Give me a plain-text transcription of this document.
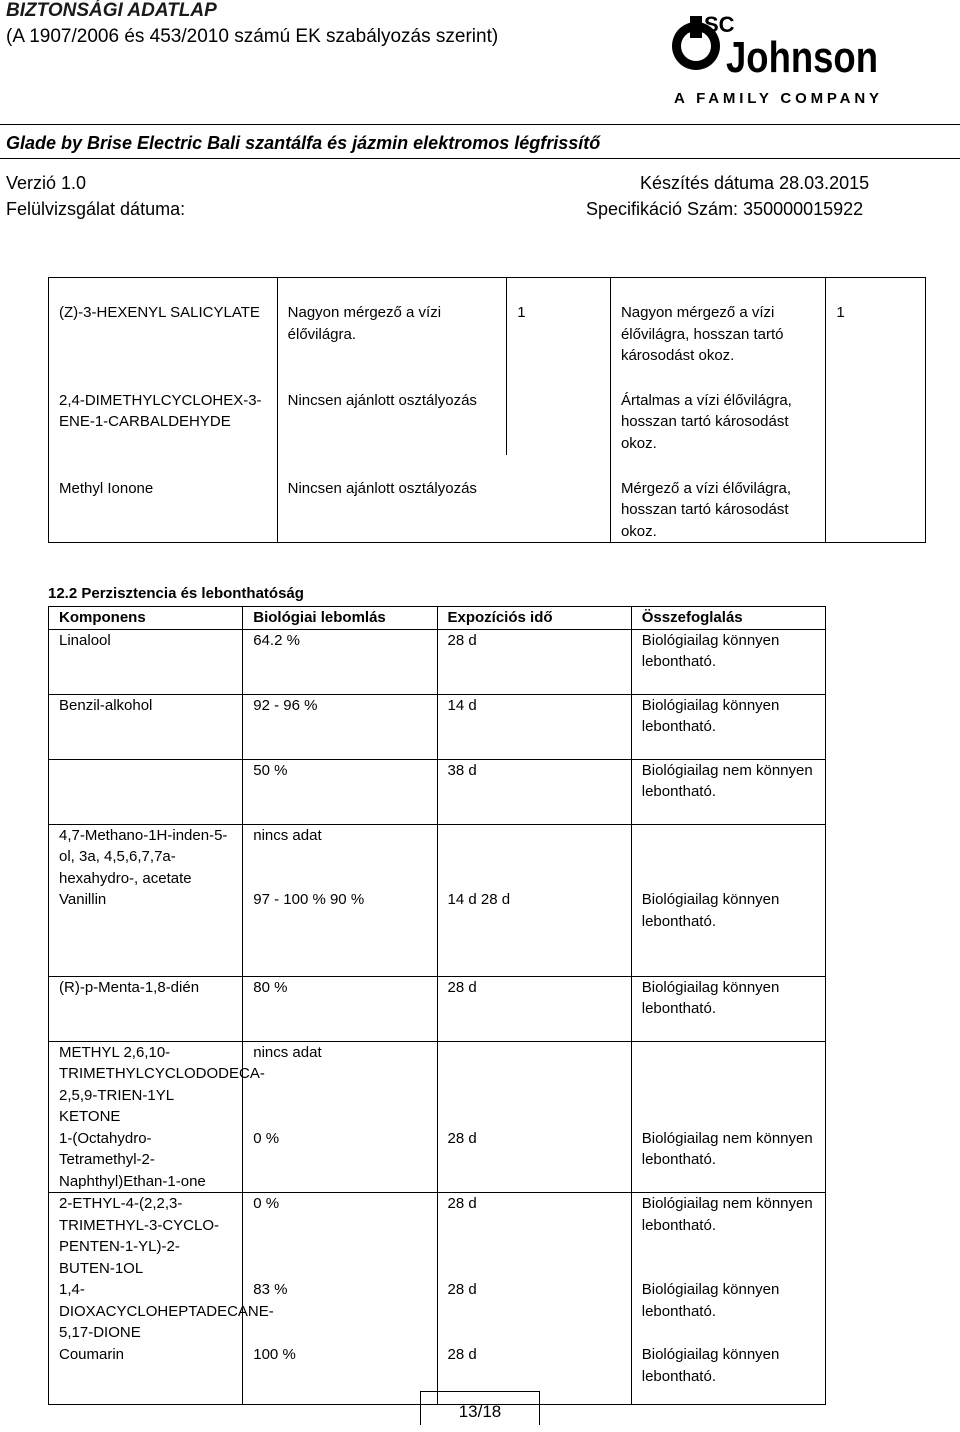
BIZTONSÁGI ADATLAP
(A 1907/2006 és 453/2010 számú EK szabályozás szerint)	SC
Johnson
A FAMILY COMPANY
Glade by Brise Electric Bali szantálfa és jázmin elektromos légfrissítő
Verzió 1.0	Készítés dátuma 28.03.2015
Felülvizsgálat dátuma:	Specifikáció Szám: 350000015922
(Z)-3-HEXENYL SALICYLATE	Nagyon mérgező a vízi élővilágra.	1	Nagyon mérgező a vízi élővilágra, hosszan tartó károsodást okoz.	1
2,4-DIMETHYLCYCLOHEX-3-ENE-1-CARBALDEHYDE	Nincsen ajánlott osztályozás		Ártalmas a vízi élővilágra, hosszan tartó károsodást okoz.	
Methyl Ionone	Nincsen ajánlott osztályozás		Mérgező a vízi élővilágra, hosszan tartó károsodást okoz.	
12.2 Perzisztencia és lebonthatóság
Komponens	Biológiai lebomlás	Expozíciós idő	Összefoglalás
Linalool	64.2 %	28 d	Biológiailag könnyen lebontható.
Benzil-alkohol	92 - 96 %	14 d	Biológiailag könnyen lebontható.
	50 %	38 d	Biológiailag nem könnyen lebontható.
4,7-Methano-1H-inden-5-ol, 3a, 4,5,6,7,7a-hexahydro-, acetate	nincs adat		
Vanillin	97 - 100 % 90 %	14 d 28 d	Biológiailag könnyen lebontható.
(R)-p-Menta-1,8-dién	80 %	28 d	Biológiailag könnyen lebontható.
METHYL 2,6,10-TRIMETHYLCYCLODODECA-2,5,9-TRIEN-1YL KETONE	nincs adat		
1-(Octahydro-Tetramethyl-2-Naphthyl)Ethan-1-one	0 %	28 d	Biológiailag nem könnyen lebontható.
2-ETHYL-4-(2,2,3-TRIMETHYL-3-CYCLO-PENTEN-1-YL)-2-BUTEN-1OL	0 %	28 d	Biológiailag nem könnyen lebontható.
1,4-DIOXACYCLOHEPTADECANE-5,17-DIONE	83 %	28 d	Biológiailag könnyen lebontható.
Coumarin	100 %	28 d	Biológiailag könnyen lebontható.
13/18
